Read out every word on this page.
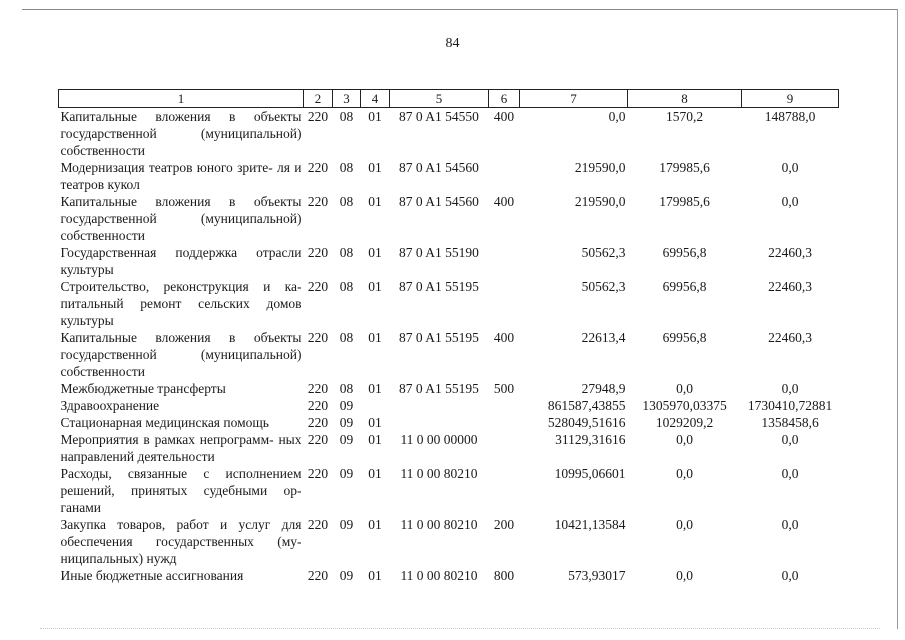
84
1	2	3	4	5	6	7	8	9
Капитальные вложения в объекты государственной (муниципальной) собственности	220	08	01	87 0 A1 54550	400	0,0	1570,2	148788,0
Модернизация театров юного зрите- ля и театров кукол	220	08	01	87 0 A1 54560		219590,0	179985,6	0,0
Капитальные вложения в объекты государственной (муниципальной) собственности	220	08	01	87 0 A1 54560	400	219590,0	179985,6	0,0
Государственная поддержка отрасли культуры	220	08	01	87 0 A1 55190		50562,3	69956,8	22460,3
Строительство, реконструкция и ка- питальный ремонт сельских домов культуры	220	08	01	87 0 A1 55195		50562,3	69956,8	22460,3
Капитальные вложения в объекты государственной (муниципальной) собственности	220	08	01	87 0 A1 55195	400	22613,4	69956,8	22460,3
Межбюджетные трансферты	220	08	01	87 0 A1 55195	500	27948,9	0,0	0,0
Здравоохранение	220	09				861587,43855	1305970,03375	1730410,72881
Стационарная медицинская помощь	220	09	01			528049,51616	1029209,2	1358458,6
Мероприятия в рамках непрограмм- ных направлений деятельности	220	09	01	11 0 00 00000		31129,31616	0,0	0,0
Расходы, связанные с исполнением решений, принятых судебными ор- ганами	220	09	01	11 0 00 80210		10995,06601	0,0	0,0
Закупка товаров, работ и услуг для обеспечения государственных (му- ниципальных) нужд	220	09	01	11 0 00 80210	200	10421,13584	0,0	0,0
Иные бюджетные ассигнования	220	09	01	11 0 00 80210	800	573,93017	0,0	0,0
